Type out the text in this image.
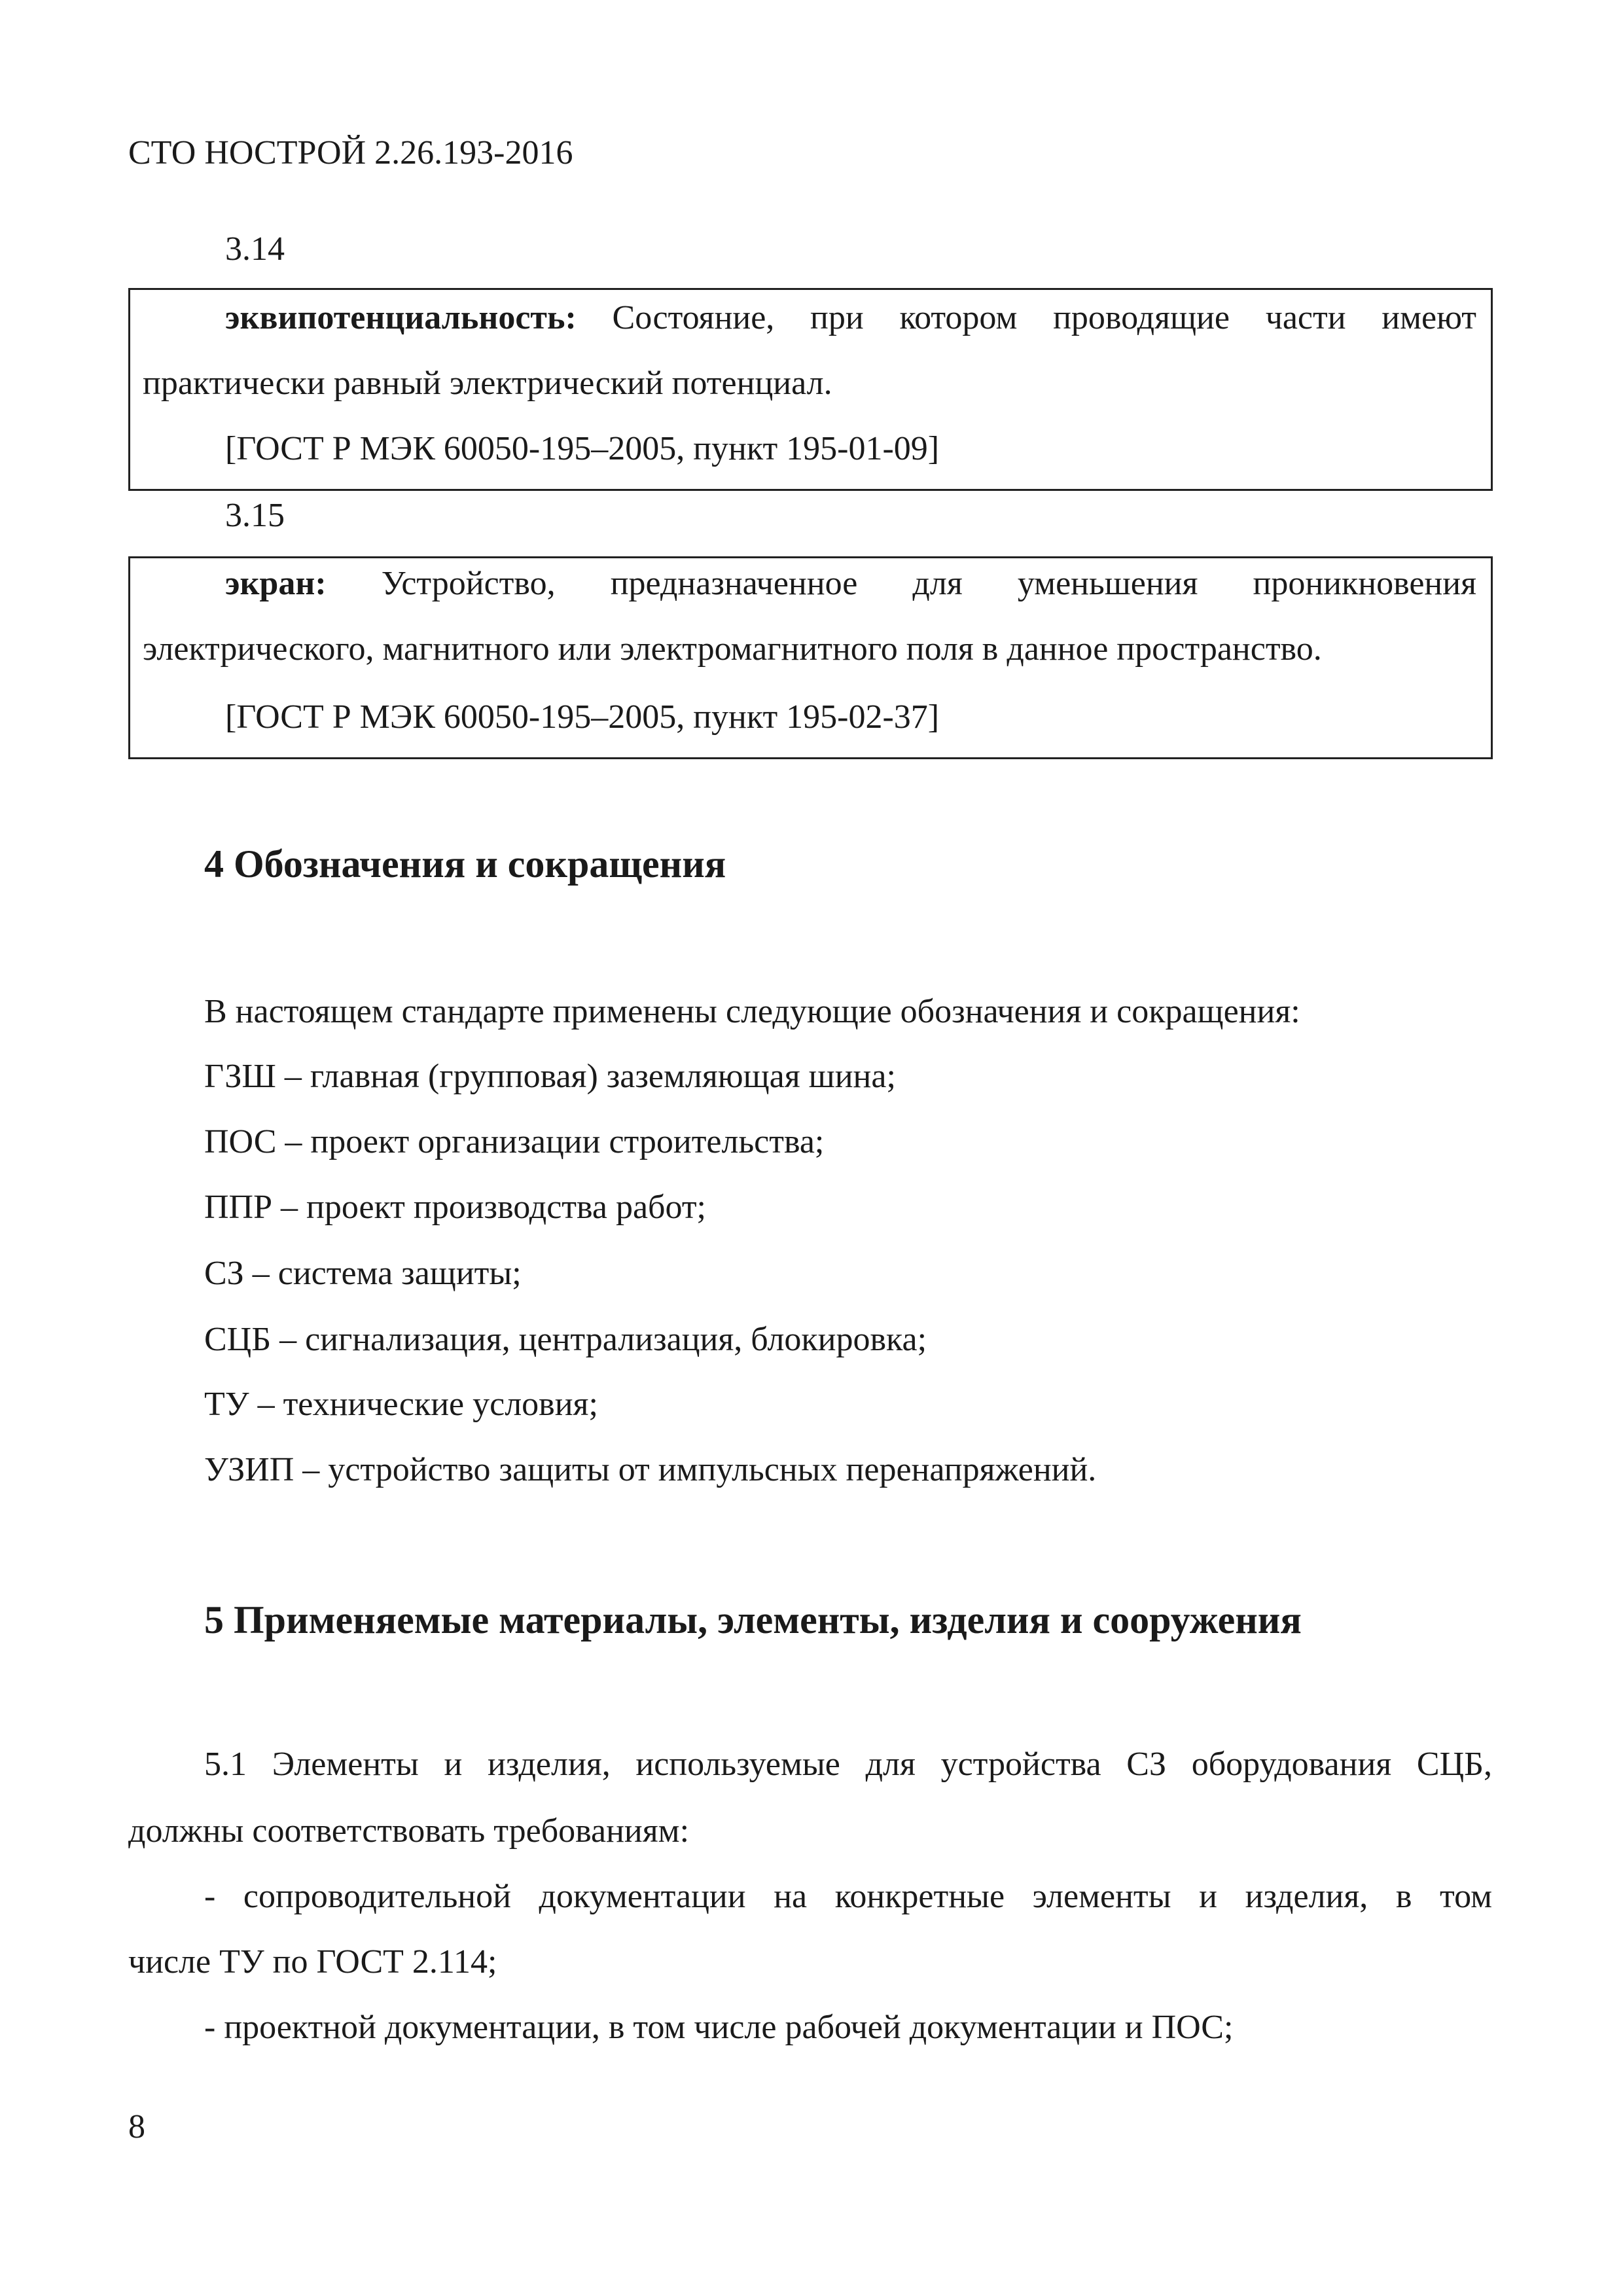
СТО НОСТРОЙ 2.26.193-2016
3.14
эквипотенциальность: Состояние, при котором проводящие части имеют
практически равный электрический потенциал.
[ГОСТ Р МЭК 60050-195–2005, пункт 195-01-09]
3.15
экран: Устройство, предназначенное для уменьшения проникновения
электрического, магнитного или электромагнитного поля в данное пространство.
[ГОСТ Р МЭК 60050-195–2005, пункт 195-02-37]
4 Обозначения и сокращения
В настоящем стандарте применены следующие обозначения и сокращения:
ГЗШ – главная (групповая) заземляющая шина;
ПОС – проект организации строительства;
ППР – проект производства работ;
СЗ – система защиты;
СЦБ – сигнализация, централизация, блокировка;
ТУ – технические условия;
УЗИП – устройство защиты от импульсных перенапряжений.
5 Применяемые материалы, элементы, изделия и сооружения
5.1 Элементы и изделия, используемые для устройства СЗ оборудования СЦБ,
должны соответствовать требованиям:
- сопроводительной документации на конкретные элементы и изделия, в том
числе ТУ по ГОСТ 2.114;
- проектной документации, в том числе рабочей документации и ПОС;
8
